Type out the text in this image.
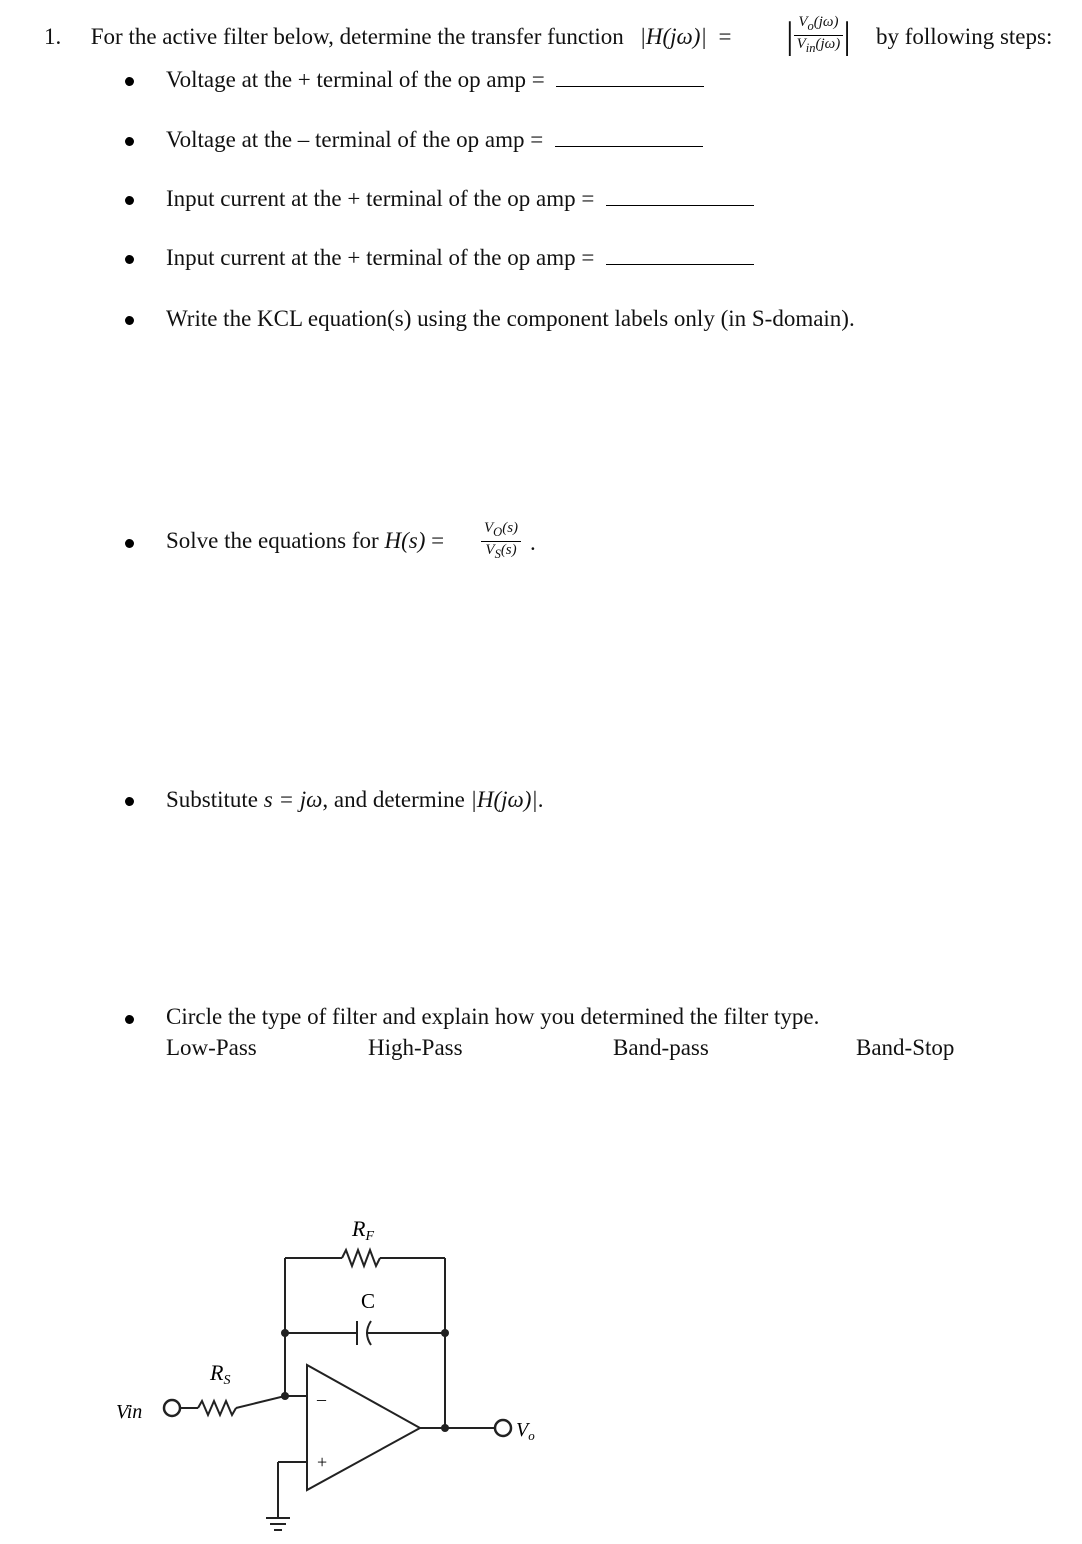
1. For the active filter below, determine the transfer function |H(jω)| = | $\frac{V_o(j\omega)}{V_{in}(j\omega)}$ | by following steps:
Voltage at the + terminal of the op amp =
Voltage at the – terminal of the op amp =
Input current at the + terminal of the op amp =
Input current at the + terminal of the op amp =
Write the KCL equation(s) using the component labels only (in S-domain).
Solve the equations for $H(s) = \frac{V_O(s)}{V_S(s)}$ .
Substitute s = jω, and determine |H(jω)|.
Circle the type of filter and explain how you determined the filter type.
Low-Pass	High-Pass	Band-pass	Band-Stop
RF
C
RS
Vin
$V_o$
–
+
